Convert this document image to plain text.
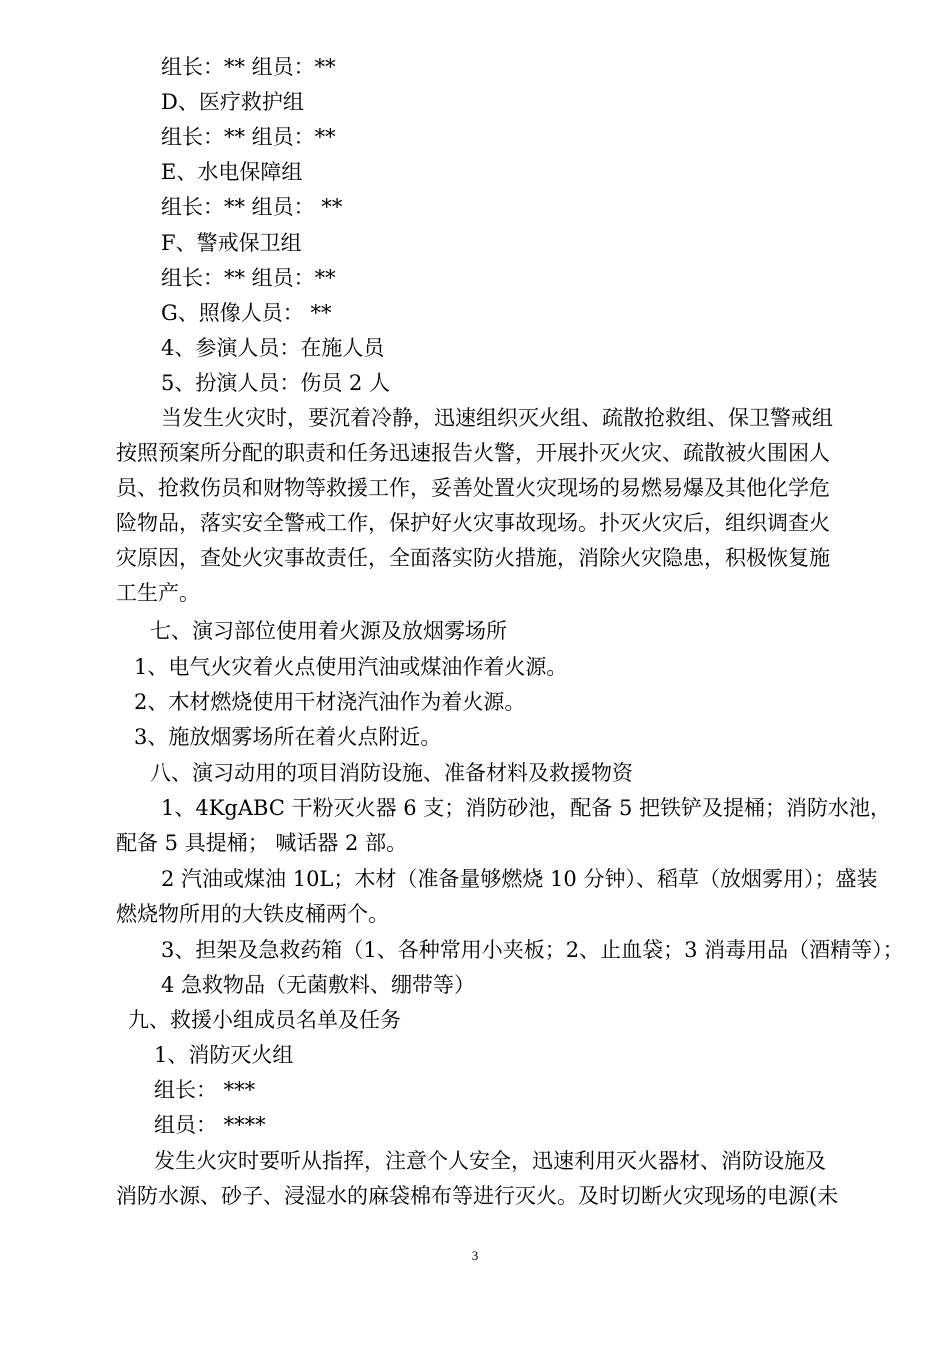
组长：** 组员：**
D、医疗救护组
组长：** 组员：**
E、水电保障组
组长：** 组员： **
F、警戒保卫组
组长：** 组员：**
G、照像人员： **
4、参演人员：在施人员
5、扮演人员：伤员 2 人
当发生火灾时，要沉着冷静，迅速组织灭火组、疏散抢救组、保卫警戒组
按照预案所分配的职责和任务迅速报告火警，开展扑灭火灾、疏散被火围困人
员、抢救伤员和财物等救援工作，妥善处置火灾现场的易燃易爆及其他化学危
险物品，落实安全警戒工作，保护好火灾事故现场。扑灭火灾后，组织调查火
灾原因，查处火灾事故责任，全面落实防火措施，消除火灾隐患，积极恢复施
工生产。
七、演习部位使用着火源及放烟雾场所
1、电气火灾着火点使用汽油或煤油作着火源。
2、木材燃烧使用干材浇汽油作为着火源。
3、施放烟雾场所在着火点附近。
八、演习动用的项目消防设施、准备材料及救援物资
1、4KgABC 干粉灭火器 6 支；消防砂池，配备 5 把铁铲及提桶；消防水池，
配备 5 具提桶； 喊话器 2 部。
2 汽油或煤油 10L；木材（准备量够燃烧 10 分钟）、稻草（放烟雾用）；盛装
燃烧物所用的大铁皮桶两个。
3、担架及急救药箱（1、各种常用小夹板；2、止血袋；3 消毒用品（酒精等）；
4 急救物品（无菌敷料、绷带等）
九、救援小组成员名单及任务
1、消防灭火组
组长： ***
组员： ****
发生火灾时要听从指挥，注意个人安全，迅速利用灭火器材、消防设施及
消防水源、砂子、浸湿水的麻袋棉布等进行灭火。及时切断火灾现场的电源(未
3
